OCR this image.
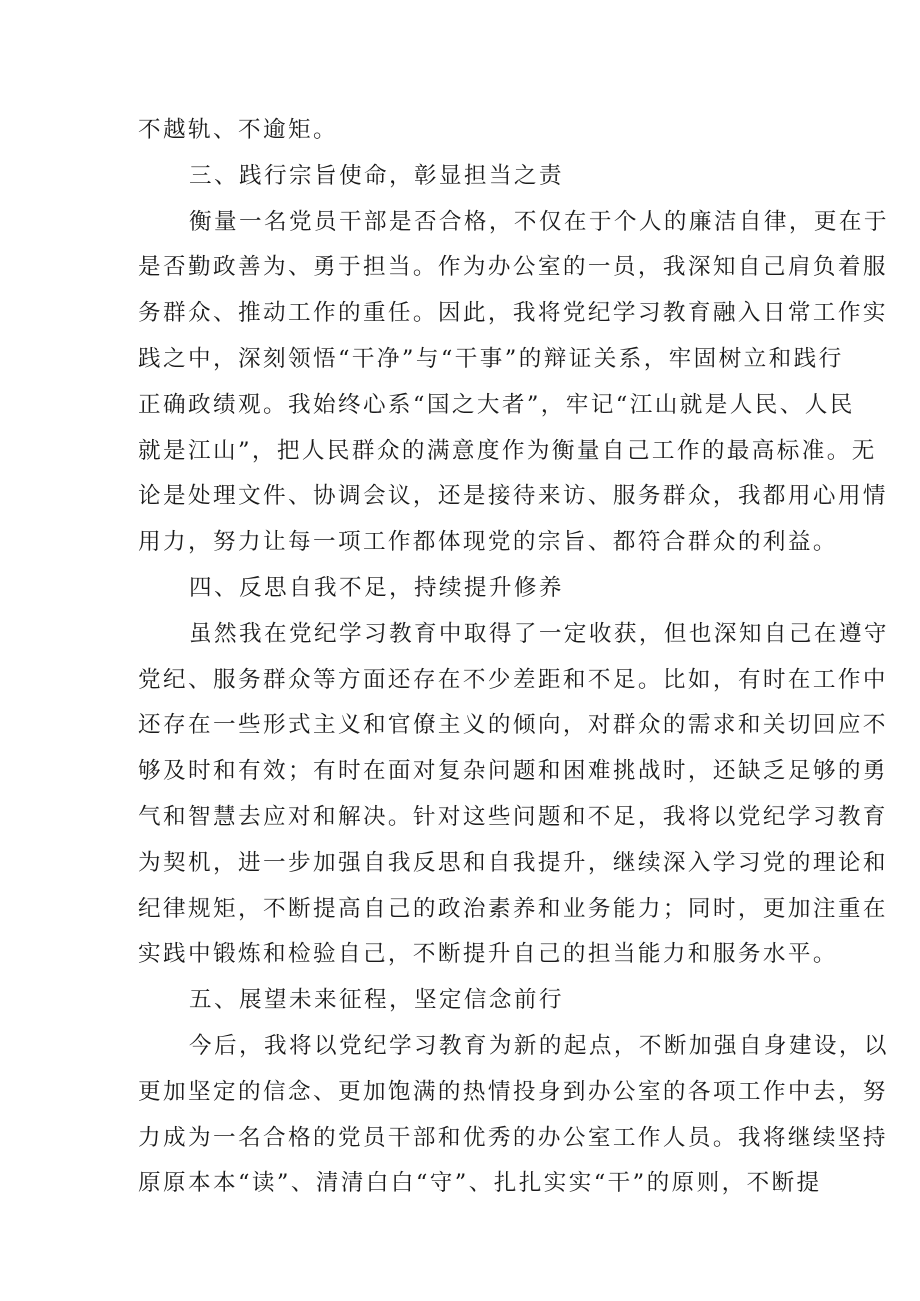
不越轨、不逾矩。
三、践行宗旨使命，彰显担当之责
衡量一名党员干部是否合格，不仅在于个人的廉洁自律，更在于
是否勤政善为、勇于担当。作为办公室的一员，我深知自己肩负着服
务群众、推动工作的重任。因此，我将党纪学习教育融入日常工作实
践之中，深刻领悟“干净”与“干事”的辩证关系，牢固树立和践行
正确政绩观。我始终心系“国之大者”，牢记“江山就是人民、人民
就是江山”，把人民群众的满意度作为衡量自己工作的最高标准。无
论是处理文件、协调会议，还是接待来访、服务群众，我都用心用情
用力，努力让每一项工作都体现党的宗旨、都符合群众的利益。
四、反思自我不足，持续提升修养
虽然我在党纪学习教育中取得了一定收获，但也深知自己在遵守
党纪、服务群众等方面还存在不少差距和不足。比如，有时在工作中
还存在一些形式主义和官僚主义的倾向，对群众的需求和关切回应不
够及时和有效；有时在面对复杂问题和困难挑战时，还缺乏足够的勇
气和智慧去应对和解决。针对这些问题和不足，我将以党纪学习教育
为契机，进一步加强自我反思和自我提升，继续深入学习党的理论和
纪律规矩，不断提高自己的政治素养和业务能力；同时，更加注重在
实践中锻炼和检验自己，不断提升自己的担当能力和服务水平。
五、展望未来征程，坚定信念前行
今后，我将以党纪学习教育为新的起点，不断加强自身建设，以
更加坚定的信念、更加饱满的热情投身到办公室的各项工作中去，努
力成为一名合格的党员干部和优秀的办公室工作人员。我将继续坚持
原原本本“读”、清清白白“守”、扎扎实实“干”的原则，不断提
